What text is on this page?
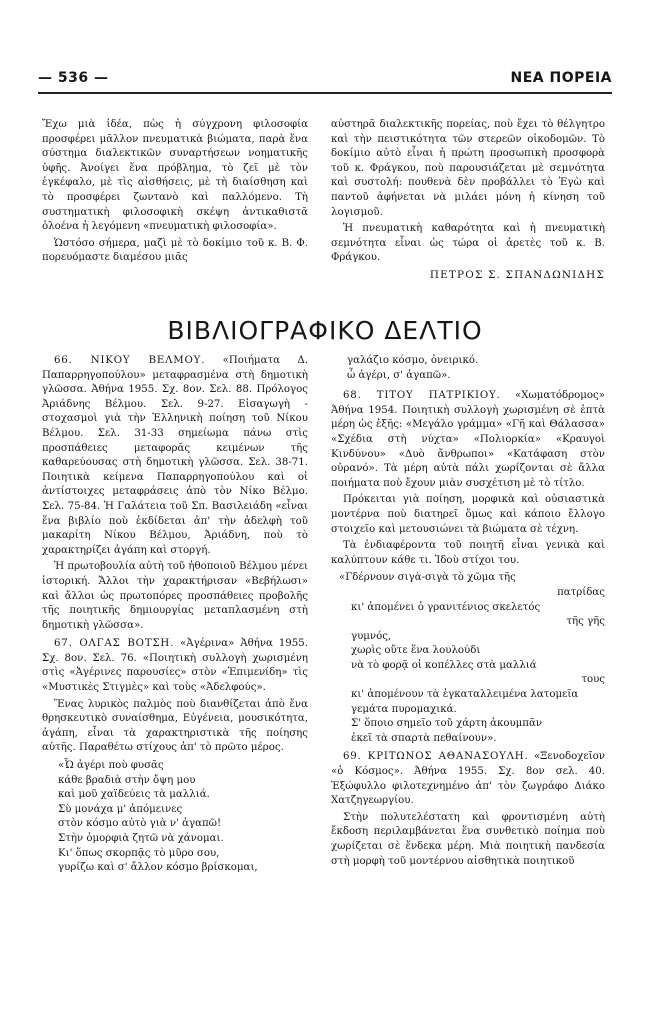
— 536 —	ΝΕΑ ΠΟΡΕΙΑ

Ἔχω μιὰ ἰδέα, πὼς ἡ σύγχρονη φιλοσοφία προσφέρει μᾶλλον πνευματικὰ βιώματα, παρὰ ἕνα σύστημα διαλεκτικῶν συναρτήσεων νοηματικῆς ὑφῆς. Ἀνοίγει ἕνα πρόβλημα, τὸ ζεῖ μὲ τὸν ἐγκέφαλο, μὲ τὶς αἰσθήσεις, μὲ τὴ διαίσθηση καὶ τὸ προσφέρει ζωντανὸ καὶ παλλόμενο. Τὴ συστηματικὴ φιλοσοφικὴ σκέψη ἀντικαθιστᾶ ὁλοένα ἡ λεγόμενη «πνευματικὴ φιλοσοφία».

Ὡστόσο σήμερα, μαζὶ μὲ τὸ δοκίμιο τοῦ κ. Β. Φ. πορευόμαστε διαμέσου μιᾶς

αὐστηρᾶ διαλεκτικῆς πορείας, ποὺ ἔχει τὸ θέλγητρο καὶ τὴν πειστικότητα τῶν στερεῶν οἰκοδομῶν. Τὸ δοκίμιο αὐτὸ εἶναι ἡ πρώτη προσωπικὴ προσφορὰ τοῦ κ. Φράγκου, ποὺ παρουσιάζεται μὲ σεμνότητα καὶ συστολή: πουθενὰ δὲν προβάλλει τὸ Ἐγὼ καὶ παντοῦ ἀφήνεται νὰ μιλάει μόνη ἡ κίνηση τοῦ λογισμοῦ.

Ἡ πνευματικὴ καθαρότητα καὶ ἡ πνευματικὴ σεμνότητα εἶναι ὡς τώρα οἱ ἀρετὲς τοῦ κ. Β. Φράγκου.

ΠΕΤΡΟΣ Σ. ΣΠΑΝΔΩΝΙΔΗΣ
ΒΙΒΛΙΟΓΡΑΦΙΚΟ ΔΕΛΤΙΟ

66. ΝΙΚΟΥ ΒΕΛΜΟΥ. «Ποιήματα Δ. Παπαρρηγοπούλου» μεταφρασμένα στὴ δημοτικὴ γλῶσσα. Ἀθήνα 1955. Σχ. 8ον. Σελ. 88. Πρόλογος Ἀριάδνης Βέλμου. Σελ. 9-27. Εἰσαγωγὴ - στοχασμοὶ γιὰ τὴν Ἑλληνικὴ ποίηση τοῦ Νίκου Βέλμου. Σελ. 31-33 σημείωμα πάνω στὶς προσπάθειες μεταφορᾶς κειμένων τῆς καθαρεύουσας στὴ δημοτικὴ γλῶσσα. Σελ. 38-71. Ποιητικὰ κείμενα Παπαρρηγοπούλου καὶ οἱ ἀντίστοιχες μεταφράσεις ἀπὸ τὸν Νίκο Βέλμο. Σελ. 75-84. Ἡ Γαλάτεια τοῦ Σπ. Βασιλειάδη «εἶναι ἕνα βιβλίο ποὺ ἐκδίδεται ἀπ' τὴν ἀδελφὴ τοῦ μακαρίτη Νίκου Βέλμου, Ἀριάδνη, ποὺ τὸ χαρακτηρίζει ἀγάπη καὶ στοργή.

Ἡ πρωτοβουλία αὐτὴ τοῦ ἠθοποιοῦ Βέλμου μένει ἱστορική. Ἄλλοι τὴν χαρακτήρισαν «Βεβήλωσι» καὶ ἄλλοι ὡς πρωτοπόρες προσπάθειες προβολῆς τῆς ποιητικῆς δημιουργίας μεταπλασμένη στὴ δημοτικὴ γλῶσσα».

67. ΟΛΓΑΣ ΒΟΤΣΗ. «Ἀγέρινα» Ἀθήνα 1955. Σχ. 8ον. Σελ. 76. «Ποιητικὴ συλλογὴ χωρισμένη στὶς «Ἀγέρινες παρουσίες» στὸν «Ἐπιμενίδη» τὶς «Μυστικὲς Στιγμὲς» καὶ τοὺς «Ἀδελφούς».

Ἕνας λυρικὸς παλμὸς ποὺ διανθίζεται ἀπὸ ἕνα θρησκευτικὸ συναίσθημα, Εὐγένεια, μουσικότητα, ἀγάπη, εἶναι τὰ χαρακτηριστικὰ τῆς ποίησης αὐτῆς. Παραθέτω στίχους ἀπ' τὸ πρῶτο μέρος.

«Ὦ ἀγέρι ποὺ φυσᾶς
κάθε βραδιὰ στὴν ὄψη μου
καὶ μοῦ χαϊδεύεις τὰ μαλλιά.
Σὺ μονάχα μ' ἀπόμεινες
στὸν κόσμο αὐτὸ γιὰ ν' ἀγαπῶ!
Στὴν ὁμορφιὰ ζητῶ νὰ χάνομαι.
Κι' ὅπως σκορπᾷς τὸ μῦρο σου,
γυρίζω καὶ σ' ἄλλον κόσμο βρίσκομαι,
γαλάζιο κόσμο, ὀνειρικό.
ὦ ἀγέρι, σ' ἀγαπῶ».

68. ΤΙΤΟΥ ΠΑΤΡΙΚΙΟΥ. «Χωματόδρομος» Ἀθήνα 1954. Ποιητικὴ συλλογὴ χωρισμένη σὲ ἑπτὰ μέρη ὡς ἑξῆς: «Μεγάλο γράμμα» «Γῆ καὶ Θάλασσα» «Σχέδια στὴ νύχτα» «Πολιορκία» «Κραυγοὶ Κινδύνου» «Δυὸ ἄνθρωποι» «Κατάφαση στὸν οὐρανό». Τὰ μέρη αὐτὰ πάλι χωρίζονται σὲ ἄλλα ποιήματα ποὺ ἔχουν μιὰν συσχέτιση μὲ τὸ τίτλο.

Πρόκειται γιὰ ποίηση, μορφικὰ καὶ οὐσιαστικὰ μοντέρνα ποὺ διατηρεῖ ὅμως καὶ κάποιο ἔλλογο στοιχεῖο καὶ μετουσιώνει τὰ βιώματα σὲ τέχνη.

Τὰ ἐνδιαφέροντα τοῦ ποιητῆ εἶναι γενικὰ καὶ καλύπτουν κάθε τι. Ἰδοὺ στίχοι του.

«Γδέρνουν σιγὰ-σιγὰ τὸ χῶμα τῆς
πατρίδας
κι' ἀπομένει ὁ γρανιτένιος σκελετός
τῆς γῆς
γυμνός,
χωρὶς οὔτε ἕνα λουλούδι
νὰ τὸ φορᾷ οἱ κοπέλλες στὰ μαλλιά
τους
κι' ἀπομένουν τὰ ἐγκαταλλειμένα λατομεῖα
γεμάτα πυρομαχικά.
Σ' ὅποιο σημεῖο τοῦ χάρτη ἀκουμπᾶν
ἐκεῖ τὰ σπαρτὰ πεθαίνουν».

69. ΚΡΙΤΩΝΟΣ ΑΘΑΝΑΣΟΥΛΗ. «Ξενοδοχεῖον «ὁ Κόσμος». Ἀθήνα 1955. Σχ. 8ον σελ. 40. Ἐξώφυλλο φιλοτεχνημένο ἀπ' τὸν ζωγράφο Διάκο Χατζηγεωργίου.

Στὴν πολυτελέστατη καὶ φροντισμένη αὐτὴ ἔκδοση περιλαμβάνεται ἕνα συνθετικὸ ποίημα ποὺ χωρίζεται σὲ ἕνδεκα μέρη. Μιὰ ποιητικὴ πανδεσία στὴ μορφὴ τοῦ μοντέρνου αἰσθητικὰ ποιητικοῦ
